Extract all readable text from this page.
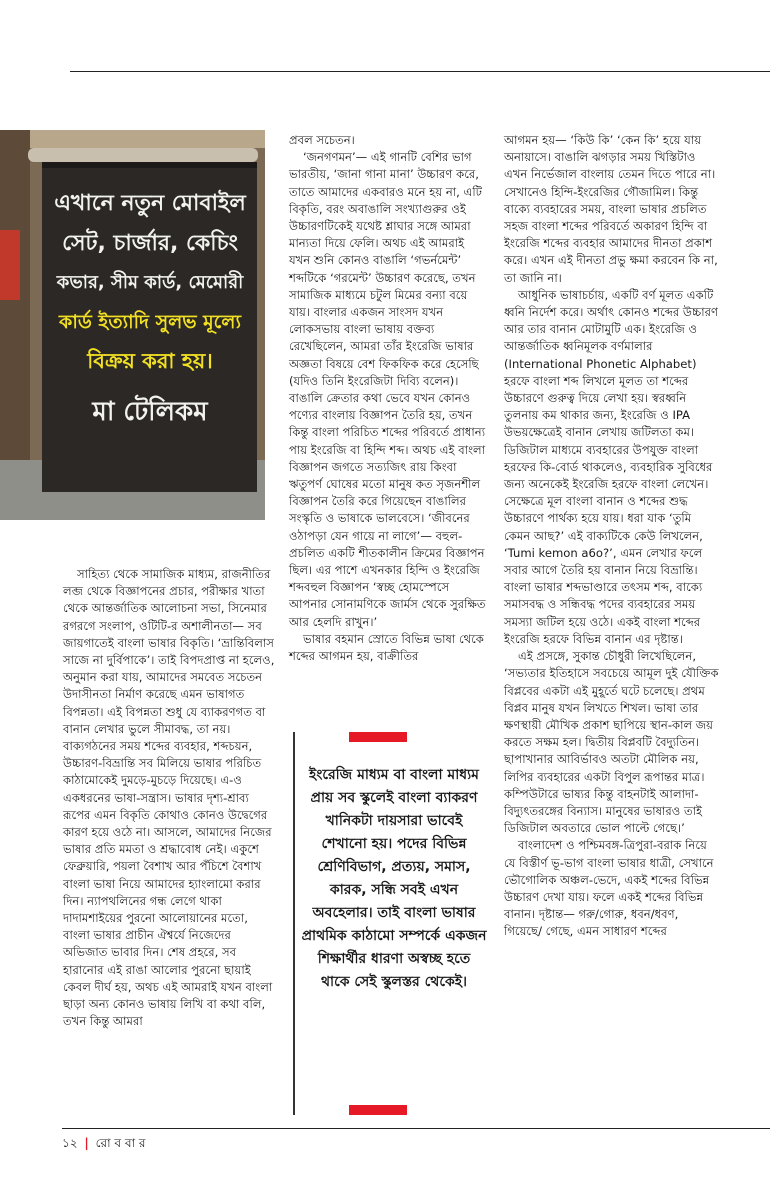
এখানে নতুন মোবাইল
সেট, চার্জার, কেচিং
কভার, সীম কার্ড, মেমোরী
কার্ড ইত্যাদি সুলভ মূল্যে
বিক্রয় করা হয়।
মা টেলিকম

সাহিত্য থেকে সামাজিক মাধ্যম, রাজনীতির লব্জ থেকে বিজ্ঞাপনের প্রচার, পরীক্ষার খাতা থেকে আন্তর্জাতিক আলোচনা সভা, সিনেমার রগরগে সংলাপ, ওটিটি-র অশালীনতা— সব জায়গাতেই বাংলা ভাষার বিকৃতি। ‘ভ্রান্তিবিলাস সাজে না দুর্বিপাকে’। তাই বিপদপ্রাপ্ত না হলেও, অনুমান করা যায়, আমাদের সমবেত সচেতন উদাসীনতা নির্মাণ করেছে এমন ভাষাগত বিপন্নতা। এই বিপন্নতা শুধু যে ব্যাকরণগত বা বানান লেখার ভুলে সীমাবদ্ধ, তা নয়। বাক্যগঠনের সময় শব্দের ব্যবহার, শব্দচয়ন, উচ্চারণ-বিভ্রান্তি সব মিলিয়ে ভাষার পরিচিত কাঠামোকেই দুমড়ে-মুচড়ে দিয়েছে। এ-ও একধরনের ভাষা-সন্ত্রাস। ভাষার দৃশ্য-শ্রাব্য রূপের এমন বিকৃতি কোথাও কোনও উদ্বেগের কারণ হয়ে ওঠে না। আসলে, আমাদের নিজের ভাষার প্রতি মমতা ও শ্রদ্ধাবোধ নেই। একুশে ফেব্রুয়ারি, পয়লা বৈশাখ আর পঁচিশে বৈশাখ বাংলা ভাষা নিয়ে আমাদের হ্যাংলামো করার দিন। ন্যাপথলিনের গন্ধ লেগে থাকা দাদামশাইয়ের পুরনো আলোয়ানের মতো, বাংলা ভাষার প্রাচীন ঐশ্বর্যে নিজেদের অভিজাত ভাবার দিন। শেষ প্রহরে, সব হারানোর এই রাঙা আলোর পুরনো ছায়াই কেবল দীর্ঘ হয়, অথচ এই আমরাই যখন বাংলা ছাড়া অন্য কোনও ভাষায় লিখি বা কথা বলি, তখন কিন্তু আমরা

প্রবল সচেতন।

‘জনগণমন’— এই গানটি বেশির ভাগ ভারতীয়, ‘জানা গানা মানা’ উচ্চারণ করে, তাতে আমাদের একবারও মনে হয় না, এটি বিকৃতি, বরং অবাঙালি সংখ্যাগুরুর ওই উচ্চারণটিকেই যথেষ্ট শ্লাঘার সঙ্গে আমরা মান্যতা দিয়ে ফেলি। অথচ এই আমরাই যখন শুনি কোনও বাঙালি ‘গভর্নমেন্ট’ শব্দটিকে ‘গরমেন্ট’ উচ্চারণ করেছে, তখন সামাজিক মাধ্যমে চটুল মিমের বন্যা বয়ে যায়। বাংলার একজন সাংসদ যখন লোকসভায় বাংলা ভাষায় বক্তব্য রেখেছিলেন, আমরা তাঁর ইংরেজি ভাষার অজ্ঞতা বিষয়ে বেশ ফিকফিক করে হেসেছি (যদিও তিনি ইংরেজিটা দিব্যি বলেন)। বাঙালি ক্রেতার কথা ভেবে যখন কোনও পণ্যের বাংলায় বিজ্ঞাপন তৈরি হয়, তখন কিন্তু বাংলা পরিচিত শব্দের পরিবর্তে প্রাধান্য পায় ইংরেজি বা হিন্দি শব্দ। অথচ এই বাংলা বিজ্ঞাপন জগতে সত্যজিৎ রায় কিংবা ঋতুপর্ণ ঘোষের মতো মানুষ কত সৃজনশীল বিজ্ঞাপন তৈরি করে গিয়েছেন বাঙালির সংস্কৃতি ও ভাষাকে ভালবেসে। ‘জীবনের ওঠাপড়া যেন গায়ে না লাগে’— বহুল-প্রচলিত একটি শীতকালীন ক্রিমের বিজ্ঞাপন ছিল। এর পাশে এখনকার হিন্দি ও ইংরেজি শব্দবহুল বিজ্ঞাপন ‘স্বচ্ছ হোমস্পেসে আপনার সোনামণিকে জার্মস থেকে সুরক্ষিত আর হেলদি রাখুন।’

ভাষার বহমান স্রোতে বিভিন্ন ভাষা থেকে শব্দের আগমন হয়, বাক্রীতির

ইংরেজি মাধ্যম বা বাংলা মাধ্যম প্রায় সব স্কুলেই বাংলা ব্যাকরণ খানিকটা দায়সারা ভাবেই শেখানো হয়। পদের বিভিন্ন শ্রেণিবিভাগ, প্রত্যয়, সমাস, কারক, সন্ধি সবই এখন অবহেলার। তাই বাংলা ভাষার প্রাথমিক কাঠামো সম্পর্কে একজন শিক্ষার্থীর ধারণা অস্বচ্ছ হতে থাকে সেই স্কুলস্তর থেকেই।

আগমন হয়— ‘কিউ কি’ ‘কেন কি’ হয়ে যায় অনায়াসে। বাঙালি ঝগড়ার সময় খিস্তিটাও এখন নির্ভেজাল বাংলায় তেমন দিতে পারে না। সেখানেও হিন্দি-ইংরেজির গৌজামিল। কিন্তু বাক্যে ব্যবহারের সময়, বাংলা ভাষার প্রচলিত সহজ বাংলা শব্দের পরিবর্তে অকারণ হিন্দি বা ইংরেজি শব্দের ব্যবহার আমাদের দীনতা প্রকাশ করে। এখন এই দীনতা প্রভু ক্ষমা করবেন কি না, তা জানি না।

আধুনিক ভাষাচর্চায়, একটি বর্ণ মূলত একটি ধ্বনি নির্দেশ করে। অর্থাৎ কোনও শব্দের উচ্চারণ আর তার বানান মোটামুটি এক। ইংরেজি ও আন্তর্জাতিক ধ্বনিমূলক বর্ণমালার (International Phonetic Alphabet) হরফে বাংলা শব্দ লিখলে মূলত তা শব্দের উচ্চারণে গুরুত্ব দিয়ে লেখা হয়। স্বরধ্বনি তুলনায় কম থাকার জন্য, ইংরেজি ও IPA উভয়ক্ষেত্রেই বানান লেখায় জটিলতা কম। ডিজিটাল মাধ্যমে ব্যবহারের উপযুক্ত বাংলা হরফের কি-বোর্ড থাকলেও, ব্যবহারিক সুবিধের জন্য অনেকেই ইংরেজি হরফে বাংলা লেখেন। সেক্ষেত্রে মূল বাংলা বানান ও শব্দের শুদ্ধ উচ্চারণে পার্থক্য হয়ে যায়। ধরা যাক ‘তুমি কেমন আছ?’ এই বাক্যটিকে কেউ লিখলেন, ‘Tumi kemon a6o?’, এমন লেখার ফলে সবার আগে তৈরি হয় বানান নিয়ে বিভ্রান্তি। বাংলা ভাষার শব্দভাণ্ডারে তৎসম শব্দ, বাক্যে সমাসবদ্ধ ও সন্ধিবদ্ধ পদের ব্যবহারের সময় সমস্যা জটিল হয়ে ওঠে। একই বাংলা শব্দের ইংরেজি হরফে বিভিন্ন বানান এর দৃষ্টান্ত।

এই প্রসঙ্গে, সুকান্ত চৌধুরী লিখেছিলেন, ‘সভ্যতার ইতিহাসে সবচেয়ে আমূল দুই যৌক্তিক বিপ্লবের একটা এই মুহূর্তে ঘটে চলেছে। প্রথম বিপ্লব মানুষ যখন লিখতে শিখল। ভাষা তার ক্ষণস্থায়ী মৌখিক প্রকাশ ছাপিয়ে স্থান-কাল জয় করতে সক্ষম হল। দ্বিতীয় বিপ্লবটি বৈদ্যুতিন। ছাপাখানার আবির্ভাবও অতটা মৌলিক নয়, লিপির ব্যবহারের একটা বিপুল রূপান্তর মাত্র। কম্পিউটারে ভাষ্যর কিন্তু বাহনটাই আলাদা-বিদ্যুৎতরঙ্গের বিন্যাস। মানুষের ভাষারও তাই ডিজিটাল অবতারে ভোল পাল্টে গেছে।’

বাংলাদেশ ও পশ্চিমবঙ্গ-ত্রিপুরা-বরাক নিয়ে যে বিস্তীর্ণ ভূ-ভাগ বাংলা ভাষার ধাত্রী, সেখানে ভৌগোলিক অঞ্চল-ভেদে, একই শব্দের বিভিন্ন উচ্চারণ দেখা যায়। ফলে একই শব্দের বিভিন্ন বানান। দৃষ্টান্ত— গরু/গোরু, ধবন/ধবণ, গিয়েছে/ গেছে, এমন সাধারণ শব্দের

১২ | রো ব বা র
